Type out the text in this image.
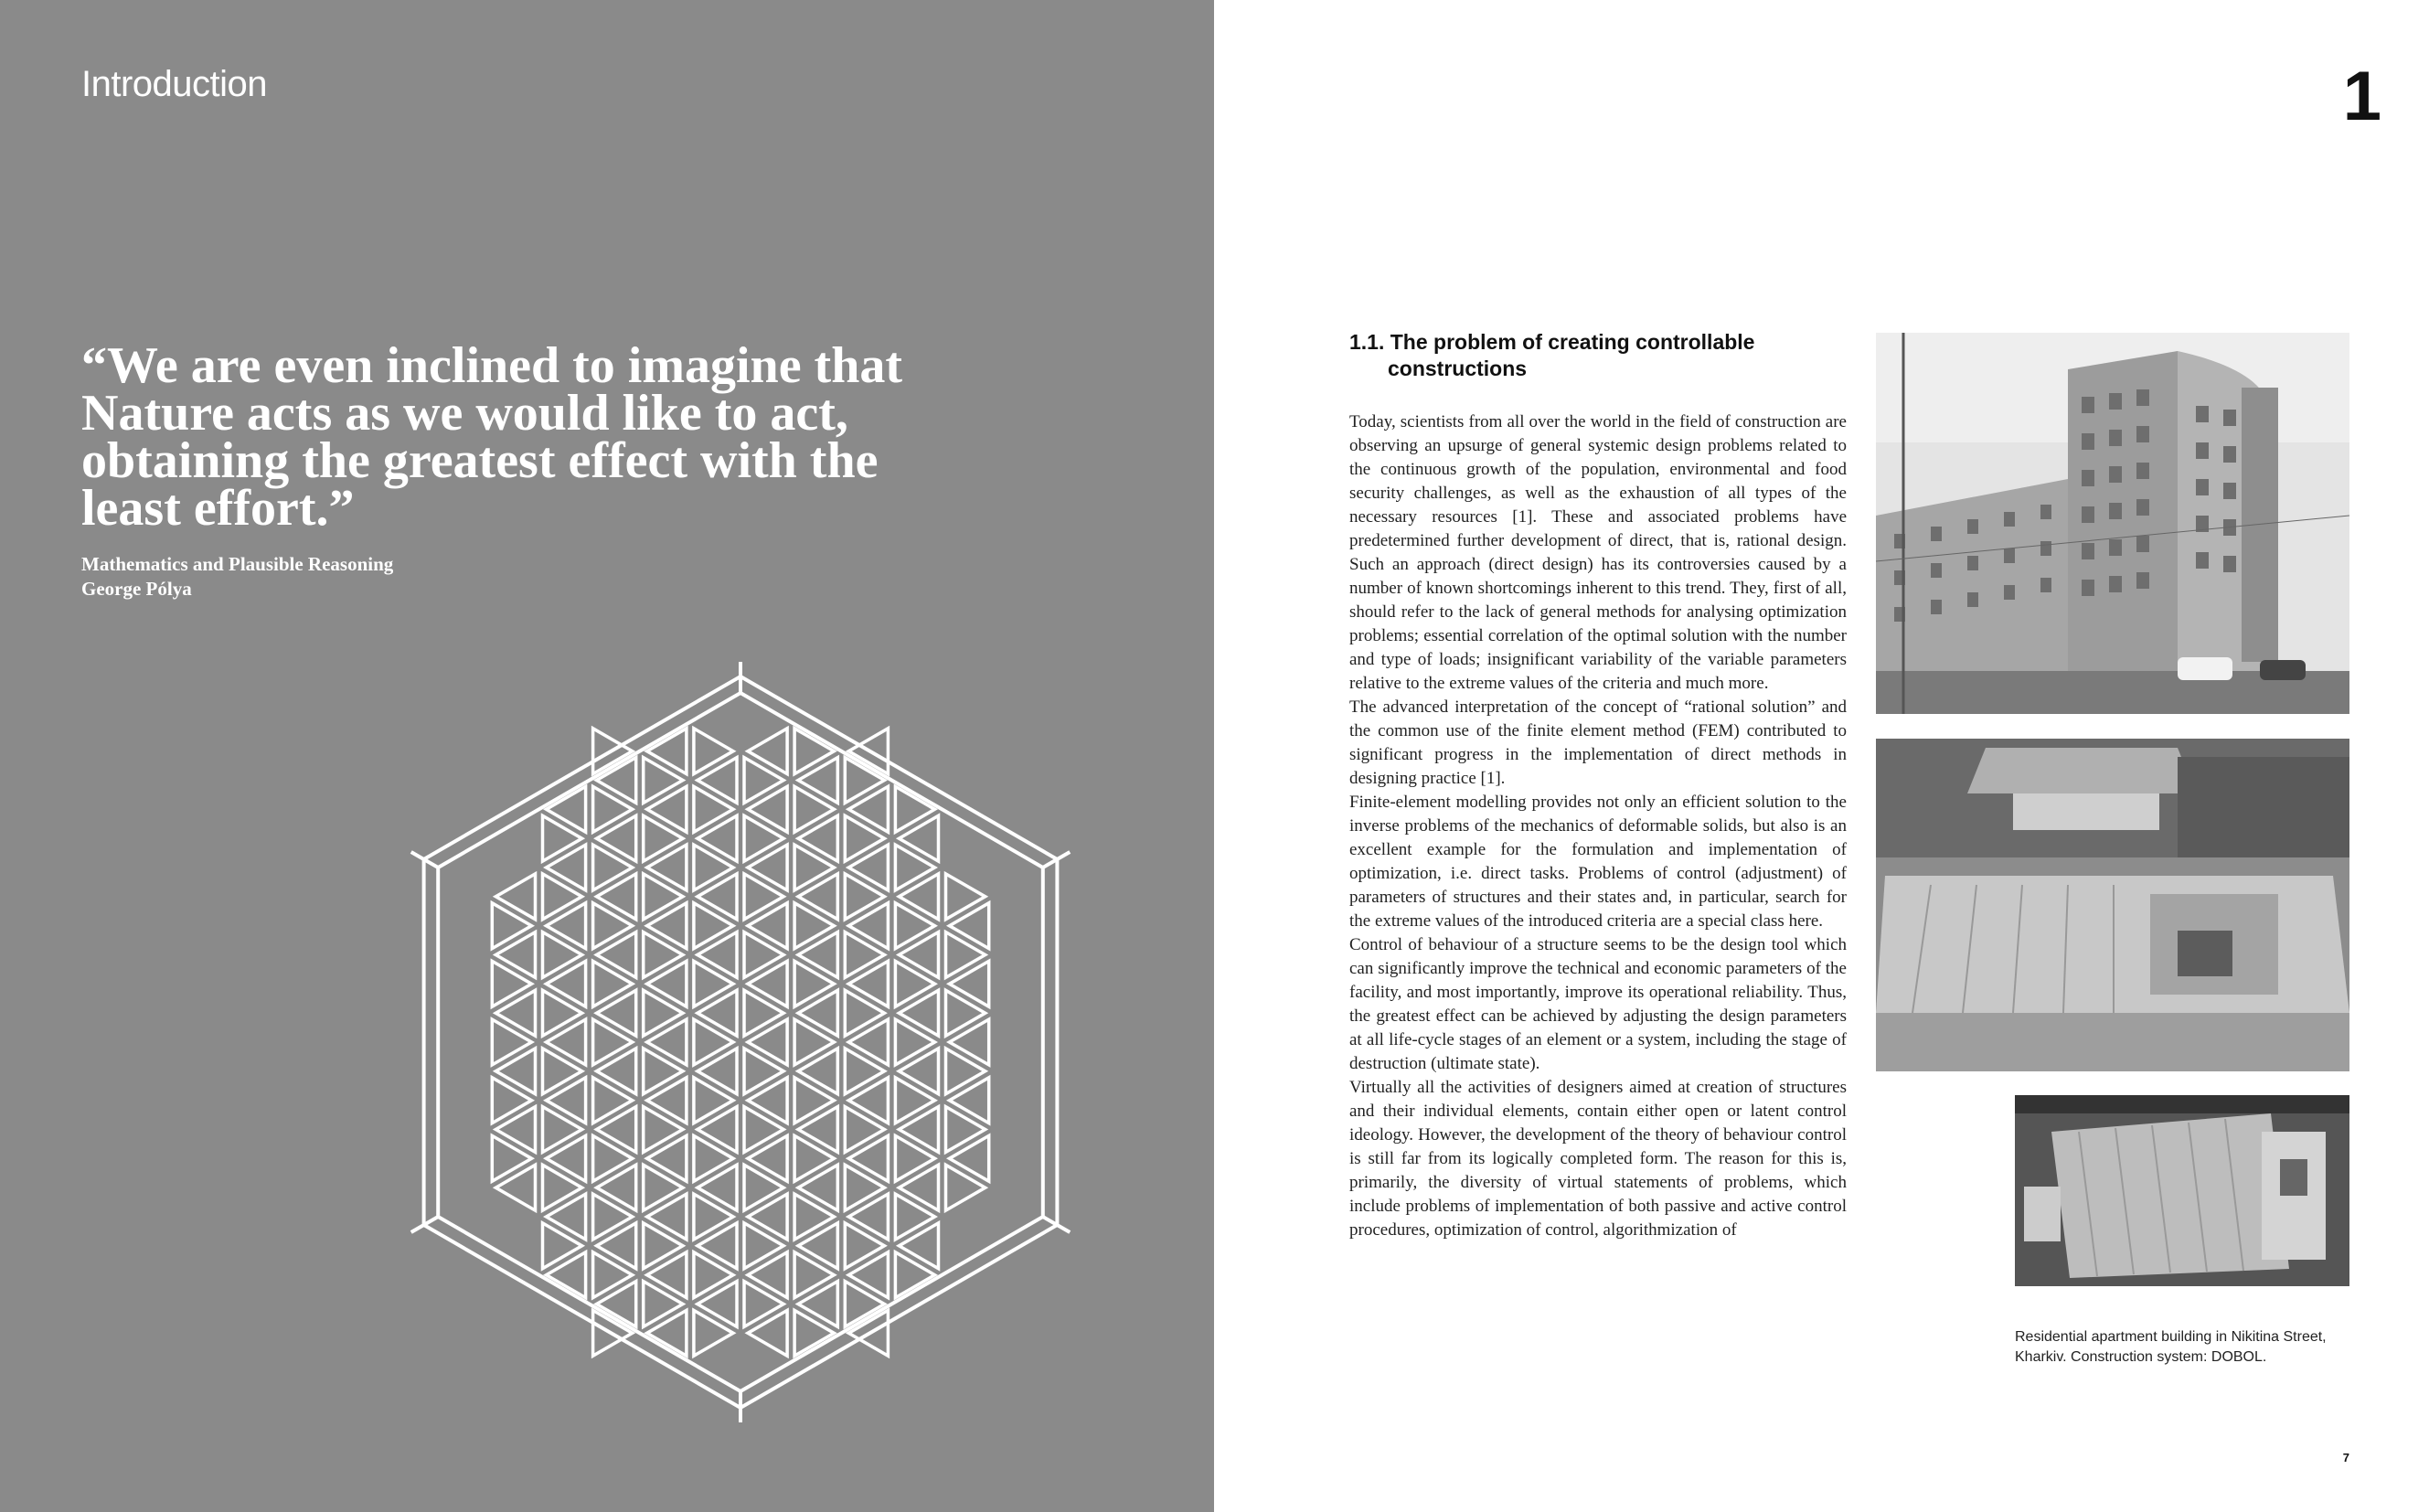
Introduction

“We are even inclined to imagine that Nature acts as we would like to act, obtaining the greatest effect with the least effort.”

Mathematics and Plausible Reasoning
George Pólya
1
1.1. The problem of creating controllable
constructions

Today, scientists from all over the world in the field of construction are observing an upsurge of general systemic design problems related to the continuous growth of the population, environmental and food security challenges, as well as the exhaustion of all types of the necessary resources [1]. These and associated problems have predetermined further development of direct, that is, rational design. Such an approach (direct design) has its controversies caused by a number of known shortcomings inherent to this trend. They, first of all, should refer to the lack of general methods for analysing optimization problems; essential correlation of the optimal solution with the number and type of loads; insignificant variability of the variable parameters relative to the extreme values of the criteria and much more.

The advanced interpretation of the concept of “rational solution” and the common use of the finite element method (FEM) contributed to significant progress in the implementation of direct methods in designing practice [1].

Finite-element modelling provides not only an efficient solution to the inverse problems of the mechanics of deformable solids, but also is an excellent example for the formulation and implementation of optimization, i.e. direct tasks. Problems of control (adjustment) of parameters of structures and their states and, in particular, search for the extreme values of the introduced criteria are a special class here.

Control of behaviour of a structure seems to be the design tool which can significantly improve the technical and economic parameters of the facility, and most importantly, improve its operational reliability. Thus, the greatest effect can be achieved by adjusting the design parameters at all life-cycle stages of an element or a system, including the stage of destruction (ultimate state).

Virtually all the activities of designers aimed at creation of structures and their individual elements, contain either open or latent control ideology. However, the development of the theory of behaviour control is still far from its logically completed form. The reason for this is, primarily, the diversity of virtual statements of problems, which include problems of implementation of both passive and active control procedures, optimization of control, algorithmization of

Residential apartment building in Nikitina Street,
Kharkiv. Construction system: DOBOL.
7
